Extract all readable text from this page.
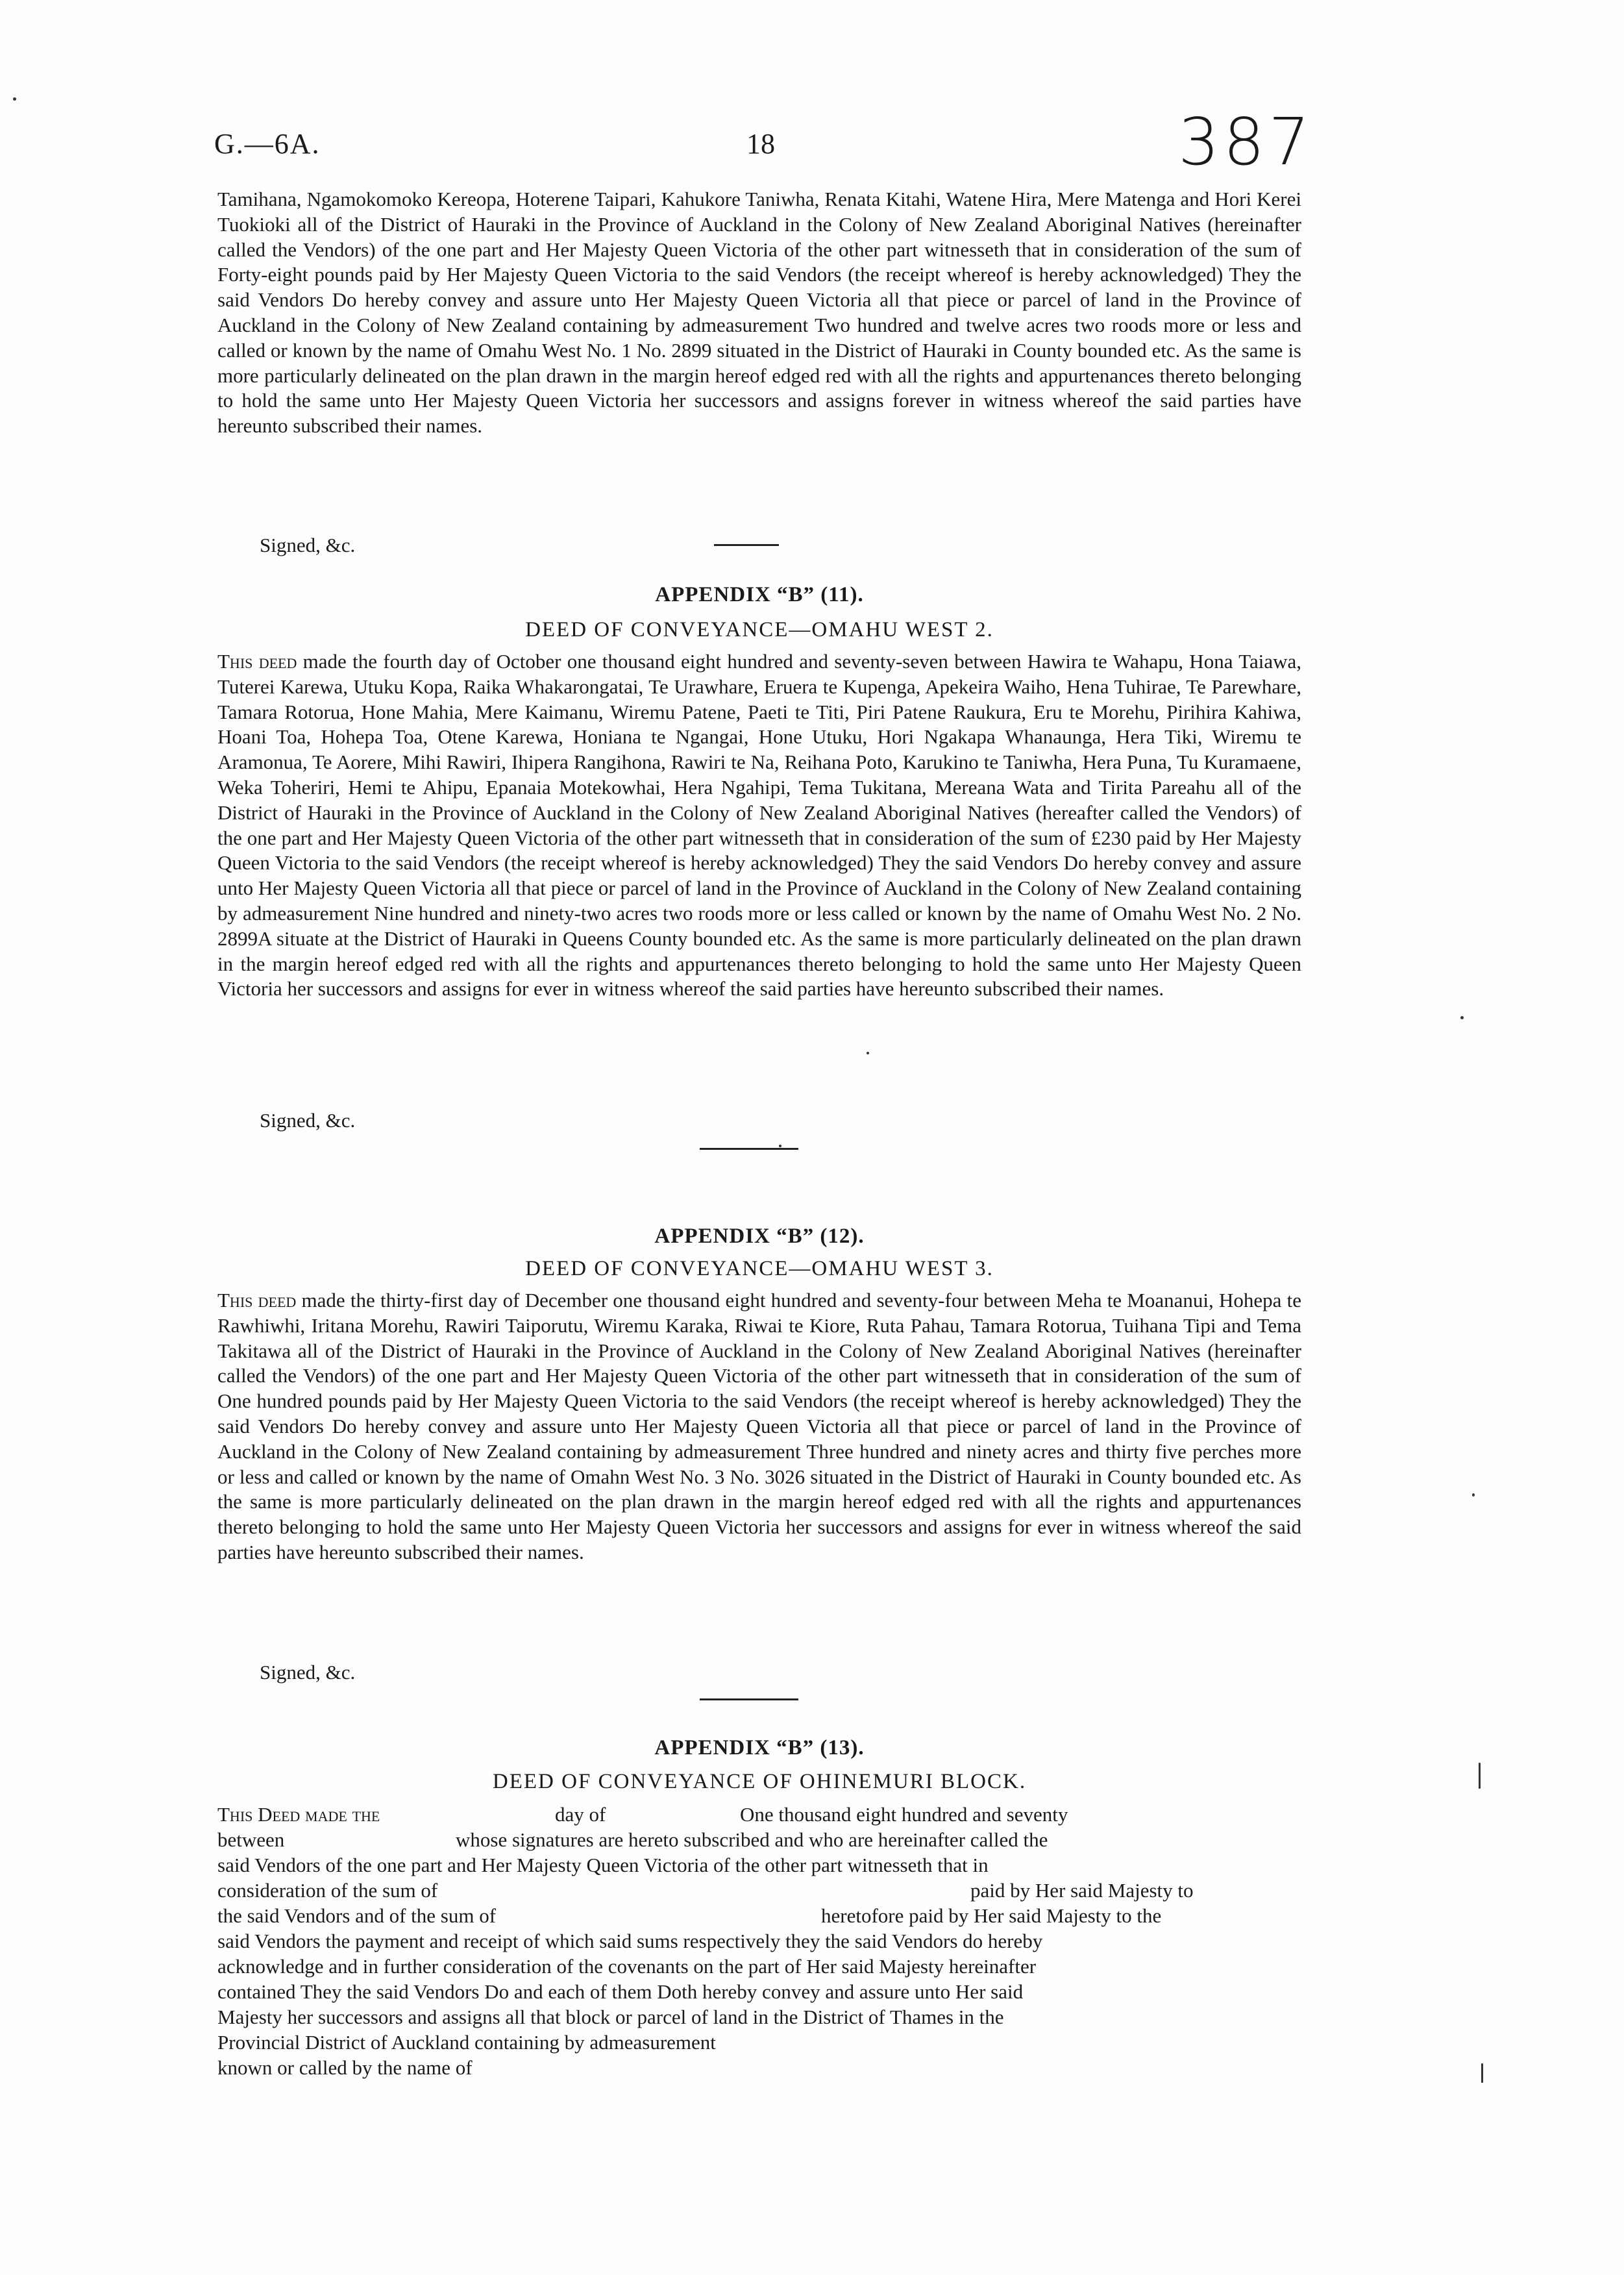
G.—6A.	18	387
Tamihana, Ngamokomoko Kereopa, Hoterene Taipari, Kahukore Taniwha, Renata Kitahi, Watene Hira, Mere Matenga and Hori Kerei Tuokioki all of the District of Hauraki in the Province of Auckland in the Colony of New Zealand Aboriginal Natives (hereinafter called the Vendors) of the one part and Her Majesty Queen Victoria of the other part witnesseth that in consideration of the sum of Forty-eight pounds paid by Her Majesty Queen Victoria to the said Vendors (the receipt whereof is hereby acknowledged) They the said Vendors Do hereby convey and assure unto Her Majesty Queen Victoria all that piece or parcel of land in the Province of Auckland in the Colony of New Zealand containing by admeasurement Two hundred and twelve acres two roods more or less and called or known by the name of Omahu West No. 1 No. 2899 situated in the District of Hauraki in County bounded etc. As the same is more particularly delineated on the plan drawn in the margin hereof edged red with all the rights and appurtenances thereto belonging to hold the same unto Her Majesty Queen Victoria her successors and assigns forever in witness whereof the said parties have hereunto subscribed their names.
Signed, &c.
APPENDIX “B” (11).
DEED OF CONVEYANCE—OMAHU WEST 2.
This deed made the fourth day of October one thousand eight hundred and seventy-seven between Hawira te Wahapu, Hona Taiawa, Tuterei Karewa, Utuku Kopa, Raika Whakarongatai, Te Urawhare, Eruera te Kupenga, Apekeira Waiho, Hena Tuhirae, Te Parewhare, Tamara Rotorua, Hone Mahia, Mere Kaimanu, Wiremu Patene, Paeti te Titi, Piri Patene Raukura, Eru te Morehu, Pirihira Kahiwa, Hoani Toa, Hohepa Toa, Otene Karewa, Honiana te Ngangai, Hone Utuku, Hori Ngakapa Whanaunga, Hera Tiki, Wiremu te Aramonua, Te Aorere, Mihi Rawiri, Ihipera Rangihona, Rawiri te Na, Reihana Poto, Karukino te Taniwha, Hera Puna, Tu Kuramaene, Weka Toheriri, Hemi te Ahipu, Epanaia Motekowhai, Hera Ngahipi, Tema Tukitana, Mereana Wata and Tirita Pareahu all of the District of Hauraki in the Province of Auckland in the Colony of New Zealand Aboriginal Natives (hereafter called the Vendors) of the one part and Her Majesty Queen Victoria of the other part witnesseth that in consideration of the sum of £230 paid by Her Majesty Queen Victoria to the said Vendors (the receipt whereof is hereby acknowledged) They the said Vendors Do hereby convey and assure unto Her Majesty Queen Victoria all that piece or parcel of land in the Province of Auckland in the Colony of New Zealand containing by admeasurement Nine hundred and ninety-two acres two roods more or less called or known by the name of Omahu West No. 2 No. 2899A situate at the District of Hauraki in Queens County bounded etc. As the same is more particularly delineated on the plan drawn in the margin hereof edged red with all the rights and appurtenances thereto belonging to hold the same unto Her Majesty Queen Victoria her successors and assigns for ever in witness whereof the said parties have hereunto subscribed their names.
Signed, &c.
APPENDIX “B” (12).
DEED OF CONVEYANCE—OMAHU WEST 3.
This deed made the thirty-first day of December one thousand eight hundred and seventy-four between Meha te Moananui, Hohepa te Rawhiwhi, Iritana Morehu, Rawiri Taiporutu, Wiremu Karaka, Riwai te Kiore, Ruta Pahau, Tamara Rotorua, Tuihana Tipi and Tema Takitawa all of the District of Hauraki in the Province of Auckland in the Colony of New Zealand Aboriginal Natives (hereinafter called the Vendors) of the one part and Her Majesty Queen Victoria of the other part witnesseth that in consideration of the sum of One hundred pounds paid by Her Majesty Queen Victoria to the said Vendors (the receipt whereof is hereby acknowledged) They the said Vendors Do hereby convey and assure unto Her Majesty Queen Victoria all that piece or parcel of land in the Province of Auckland in the Colony of New Zealand containing by admeasurement Three hundred and ninety acres and thirty five perches more or less and called or known by the name of Omahn West No. 3 No. 3026 situated in the District of Hauraki in County bounded etc. As the same is more particularly delineated on the plan drawn in the margin hereof edged red with all the rights and appurtenances thereto belonging to hold the same unto Her Majesty Queen Victoria her successors and assigns for ever in witness whereof the said parties have hereunto subscribed their names.
Signed, &c.
APPENDIX “B” (13).
DEED OF CONVEYANCE OF OHINEMURI BLOCK.
This Deed made the	day of	One thousand eight hundred and seventy
between	whose signatures are hereto subscribed and who are hereinafter called the
said Vendors of the one part and Her Majesty Queen Victoria of the other part witnesseth that in
consideration of the sum of	paid by Her said Majesty to
the said Vendors and of the sum of	heretofore paid by Her said Majesty to the
said Vendors the payment and receipt of which said sums respectively they the said Vendors do hereby
acknowledge and in further consideration of the covenants on the part of Her said Majesty hereinafter
contained They the said Vendors Do and each of them Doth hereby convey and assure unto Her said
Majesty her successors and assigns all that block or parcel of land in the District of Thames in the
Provincial District of Auckland containing by admeasurement
known or called by the name of
